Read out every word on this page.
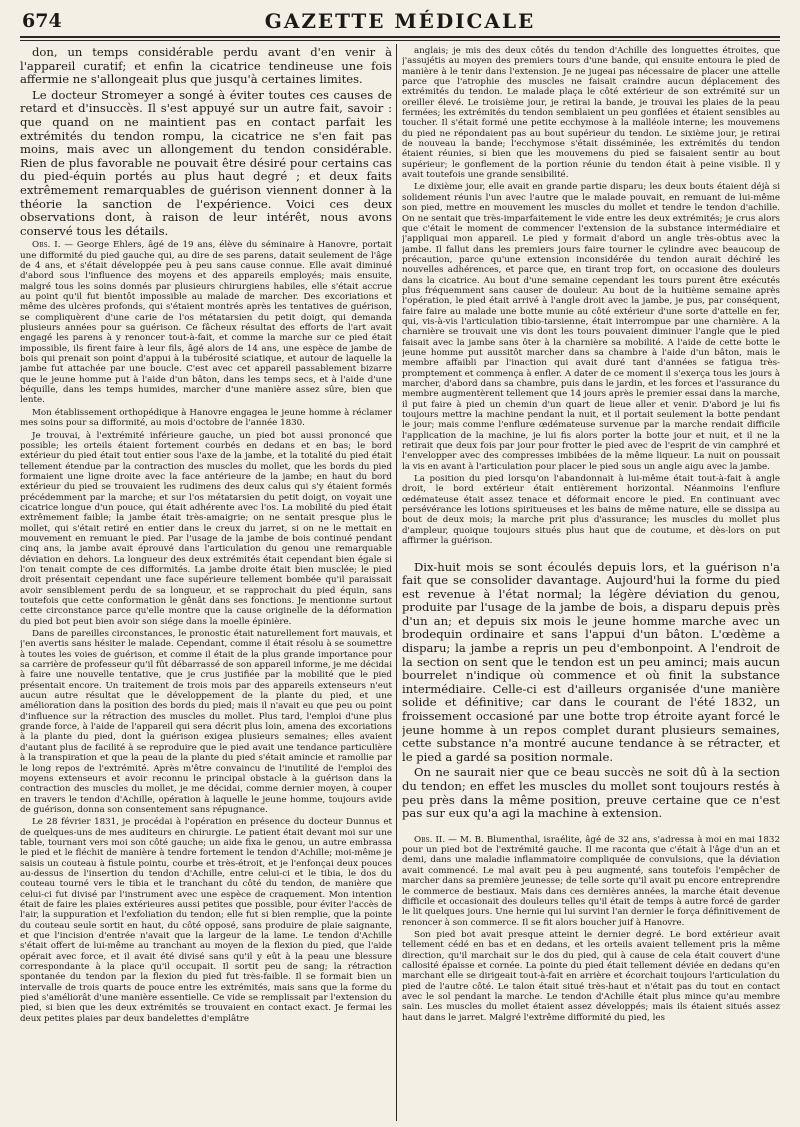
674	GAZETTE MÉDICALE

don, un temps considérable perdu avant d'en venir à l'appareil curatif; et enfin la cicatrice tendineuse une fois affermie ne s'allongeait plus que jusqu'à certaines limites.

Le docteur Stromeyer a songé à éviter toutes ces causes de retard et d'insuccès. Il s'est appuyé sur un autre fait, savoir : que quand on ne maintient pas en contact parfait les extrémités du tendon rompu, la cicatrice ne s'en fait pas moins, mais avec un allongement du tendon considérable. Rien de plus favorable ne pouvait être désiré pour certains cas du pied-équin portés au plus haut degré ; et deux faits extrêmement remarquables de guérison viennent donner à la théorie la sanction de l'expérience. Voici ces deux observations dont, à raison de leur intérêt, nous avons conservé tous les détails.

Obs. I. — George Ehlers, âgé de 19 ans, élève du séminaire à Hanovre, portait une difformité du pied gauche qui, au dire de ses parens, datait seulement de l'âge de 4 ans, et s'était développée peu à peu sans cause connue. Elle avait diminué d'abord sous l'influence des moyens et des appareils employés; mais ensuite, malgré tous les soins donnés par plusieurs chirurgiens habiles, elle s'était accrue au point qu'il fut bientôt impossible au malade de marcher. Des excoriations et même des ulcères profonds, qui s'étaient montrés après les tentatives de guérison, se compliquèrent d'une carie de l'os métatarsien du petit doigt, qui demanda plusieurs années pour sa guérison. Ce fâcheux résultat des efforts de l'art avait engagé les parens à y renoncer tout-à-fait, et comme la marche sur ce pied était impossible, ils firent faire à leur fils, âgé alors de 14 ans, une espèce de jambe de bois qui prenait son point d'appui à la tubérosité sciatique, et autour de laquelle la jambe fut attachée par une boucle. C'est avec cet appareil passablement bizarre que le jeune homme put à l'aide d'un bâton, dans les temps secs, et à l'aide d'une béquille, dans les temps humides, marcher d'une manière assez sûre, bien que lente.

Mon établissement orthopédique à Hanovre engagea le jeune homme à réclamer mes soins pour sa difformité, au mois d'octobre de l'année 1830.

Je trouvai, à l'extrémité inférieure gauche, un pied bot aussi prononcé que possible; les orteils étaient fortement courbés en dedans et en bas; le bord extérieur du pied était tout entier sous l'axe de la jambe, et la totalité du pied était tellement étendue par la contraction des muscles du mollet, que les bords du pied formaient une ligne droite avec la face antérieure de la jambe; en haut du bord extérieur du pied se trouvaient les rudimens des deux calus qui s'y étaient formés précédemment par la marche; et sur l'os métatarsien du petit doigt, on voyait une cicatrice longue d'un pouce, qui était adhérente avec l'os. La mobilité du pied était extrêmement faible; la jambe était très-amaigrie; on ne sentait presque plus le mollet, qui s'était retiré en entier dans le creux du jarret, si on ne le mettait en mouvement en remuant le pied. Par l'usage de la jambe de bois continué pendant cinq ans, la jambe avait éprouvé dans l'articulation du genou une remarquable déviation en dehors. La longueur des deux extrémités était cependant bien égale si l'on tenait compte de ces difformités. La jambe droite était bien musclée; le pied droit présentait cependant une face supérieure tellement bombée qu'il paraissait avoir sensiblement perdu de sa longueur, et se rapprochait du pied équin, sans toutefois que cette conformation le gênât dans ses fonctions. Je mentionne surtout cette circonstance parce qu'elle montre que la cause originelle de la déformation du pied bot peut bien avoir son siége dans la moelle épinière.

Dans de pareilles circonstances, le pronostic était naturellement fort mauvais, et j'en avertis sans hésiter le malade. Cependant, comme il était résolu à se soumettre à toutes les voies de guérison, et comme il était de la plus grande importance pour sa carrière de professeur qu'il fût débarrassé de son appareil informe, je me décidai à faire une nouvelle tentative, que je crus justifiée par la mobilité que le pied présentait encore. Un traitement de trois mois par des appareils extenseurs n'eut aucun autre résultat que le développement de la plante du pied, et une amélioration dans la position des bords du pied; mais il n'avait eu que peu ou point d'influence sur la rétraction des muscles du mollet. Plus tard, l'emploi d'une plus grande force, à l'aide de l'appareil qui sera décrit plus loin, amena des excoriations à la plante du pied, dont la guérison exigea plusieurs semaines; elles avaient d'autant plus de facilité à se reproduire que le pied avait une tendance particulière à la transpiration et que la peau de la plante du pied s'était amincie et ramollie par le long repos de l'extrémité. Après m'être convaincu de l'inutilité de l'emploi des moyens extenseurs et avoir reconnu le principal obstacle à la guérison dans la contraction des muscles du mollet, je me décidai, comme dernier moyen, à couper en travers le tendon d'Achille, opération à laquelle le jeune homme, toujours avide de guérison, donna son consentement sans répugnance.

Le 28 février 1831, je procédai à l'opération en présence du docteur Dunnus et de quelques-uns de mes auditeurs en chirurgie. Le patient était devant moi sur une table, tournant vers moi son côté gauche; un aide fixa le genou, un autre embrassa le pied et le fléchit de manière à tendre fortement le tendon d'Achille; moi-même je saisis un couteau à fistule pointu, courbe et très-étroit, et je l'enfonçai deux pouces au-dessus de l'insertion du tendon d'Achille, entre celui-ci et le tibia, le dos du couteau tourné vers le tibia et le tranchant du côté du tendon, de manière que celui-ci fut divisé par l'instrument avec une espèce de craquement. Mon intention était de faire les plaies extérieures aussi petites que possible, pour éviter l'accès de l'air, la suppuration et l'exfoliation du tendon; elle fut si bien remplie, que la pointe du couteau seule sortit en haut, du côté opposé, sans produire de plaie saignante, et que l'incision d'entrée n'avait que la largeur de la lame. Le tendon d'Achille s'était offert de lui-même au tranchant au moyen de la flexion du pied, que l'aide opérait avec force, et il avait été divisé sans qu'il y eût à la peau une blessure correspondante à la place qu'il occupait. Il sortit peu de sang; la rétraction spontanée du tendon par la flexion du pied fut très-faible. Il se formait bien un intervalle de trois quarts de pouce entre les extrémités, mais sans que la forme du pied s'améliorât d'une manière essentielle. Ce vide se remplissait par l'extension du pied, si bien que les deux extrémités se trouvaient en contact exact. Je fermai les deux petites plaies par deux bandelettes d'emplâtre

anglais; je mis des deux côtés du tendon d'Achille des longuettes étroites, que j'assujétis au moyen des premiers tours d'une bande, qui ensuite entoura le pied de manière à le tenir dans l'extension. Je ne jugeai pas nécessaire de placer une attelle parce que l'atrophie des muscles ne faisait craindre aucun déplacement des extrémités du tendon. Le malade plaça le côté extérieur de son extrémité sur un oreiller élevé. Le troisième jour, je retirai la bande, je trouvai les plaies de la peau fermées; les extrémités du tendon semblaient un peu gonflées et étaient sensibles au toucher. Il s'était formé une petite ecchymose à la malléole interne; les mouvemens du pied ne répondaient pas au bout supérieur du tendon. Le sixième jour, je retirai de nouveau la bande; l'ecchymose s'était disséminée, les extrémités du tendon étaient réunies, si bien que les mouvemens du pied se faisaient sentir au bout supérieur; le gonflement de la portion réunie du tendon était à peine visible. Il y avait toutefois une grande sensibilité.

Le dixième jour, elle avait en grande partie disparu; les deux bouts étaient déjà si solidement réunis l'un avec l'autre que le malade pouvait, en remuant de lui-même son pied, mettre en mouvement les muscles du mollet et tendre le tendon d'achille. On ne sentait que très-imparfaitement le vide entre les deux extrémités; je crus alors que c'était le moment de commencer l'extension de la substance intermédiaire et j'appliquai mon appareil. Le pied y formait d'abord un angle très-obtus avec la jambe. Il fallut dans les premiers jours faire tourner le cylindre avec beaucoup de précaution, parce qu'une extension inconsidérée du tendon aurait déchiré les nouvelles adhérences, et parce que, en tirant trop fort, on occasione des douleurs dans la cicatrice. Au bout d'une semaine cependant les tours purent être exécutés plus fréquemment sans causer de douleur. Au bout de la huitième semaine après l'opération, le pied était arrivé à l'angle droit avec la jambe, je pus, par conséquent, faire faire au malade une botte munie au côté extérieur d'une sorte d'attelle en fer, qui, vis-à-vis l'articulation tibio-tarsienne, était interrompue par une charnière. A la charnière se trouvait une vis dont les tours pouvaient diminuer l'angle que le pied faisait avec la jambe sans ôter à la charnière sa mobilité. A l'aide de cette botte le jeune homme put aussitôt marcher dans sa chambre à l'aide d'un bâton, mais le membre affaibli par l'inaction qui avait duré tant d'années se fatigua très-promptement et commença à enfler. A dater de ce moment il s'exerça tous les jours à marcher, d'abord dans sa chambre, puis dans le jardin, et les forces et l'assurance du membre augmentèrent tellement que 14 jours après le premier essai dans la marche, il put faire à pied un chemin d'un quart de lieue aller et venir. D'abord je lui fis toujours mettre la machine pendant la nuit, et il portait seulement la botte pendant le jour; mais comme l'enflure œdémateuse survenue par la marche rendait difficile l'application de la machine, je lui fis alors porter la botte jour et nuit, et il ne la retirait que deux fois par jour pour frotter le pied avec de l'esprit de vin camphré et l'envelopper avec des compresses imbibées de la même liqueur. La nuit on poussait la vis en avant à l'articulation pour placer le pied sous un angle aigu avec la jambe.

La position du pied lorsqu'on l'abandonnait à lui-même était tout-à-fait à angle droit, le bord extérieur était entièrement horizontal. Néanmoins l'enflure œdémateuse était assez tenace et déformait encore le pied. En continuant avec persévérance les lotions spiritueuses et les bains de même nature, elle se dissipa au bout de deux mois; la marche prit plus d'assurance; les muscles du mollet plus d'ampleur, quoique toujours situés plus haut que de coutume, et dès-lors on put affirmer la guérison.

Dix-huit mois se sont écoulés depuis lors, et la guérison n'a fait que se consolider davantage. Aujourd'hui la forme du pied est revenue à l'état normal; la légère déviation du genou, produite par l'usage de la jambe de bois, a disparu depuis près d'un an; et depuis six mois le jeune homme marche avec un brodequin ordinaire et sans l'appui d'un bâton. L'œdème a disparu; la jambe a repris un peu d'embonpoint. A l'endroit de la section on sent que le tendon est un peu aminci; mais aucun bourrelet n'indique où commence et où finit la substance intermédiaire. Celle-ci est d'ailleurs organisée d'une manière solide et définitive; car dans le courant de l'été 1832, un froissement occasioné par une botte trop étroite ayant forcé le jeune homme à un repos complet durant plusieurs semaines, cette substance n'a montré aucune tendance à se rétracter, et le pied a gardé sa position normale.

On ne saurait nier que ce beau succès ne soit dû à la section du tendon; en effet les muscles du mollet sont toujours restés à peu près dans la même position, preuve certaine que ce n'est pas sur eux qu'a agi la machine à extension.

Obs. II. — M. B. Blumenthal, israélite, âgé de 32 ans, s'adressa à moi en mai 1832 pour un pied bot de l'extrémité gauche. Il me raconta que c'était à l'âge d'un an et demi, dans une maladie inflammatoire compliquée de convulsions, que la déviation avait commencé. Le mal avait peu à peu augmenté, sans toutefois l'empêcher de marcher dans sa première jeunesse; de telle sorte qu'il avait pu encore entreprendre le commerce de bestiaux. Mais dans ces dernières années, la marche était devenue difficile et occasionait des douleurs telles qu'il était de temps à autre forcé de garder le lit quelques jours. Une hernie qui lui survint l'an dernier le força définitivement de renoncer à son commerce. Il se fit alors boucher juif à Hanovre.

Son pied bot avait presque atteint le dernier degré. Le bord extérieur avait tellement cédé en bas et en dedans, et les orteils avaient tellement pris la même direction, qu'il marchait sur le dos du pied, qui à cause de cela était couvert d'une callosité épaisse et cornée. La pointe du pied était tellement déviée en dedans qu'en marchant elle se dirigeait tout-à-fait en arrière et écorchait toujours l'articulation du pied de l'autre côté. Le talon était situé très-haut et n'était pas du tout en contact avec le sol pendant la marche. Le tendon d'Achille était plus mince qu'au membre sain. Les muscles du mollet étaient assez développés; mais ils étaient situés assez haut dans le jarret. Malgré l'extrême difformité du pied, les
